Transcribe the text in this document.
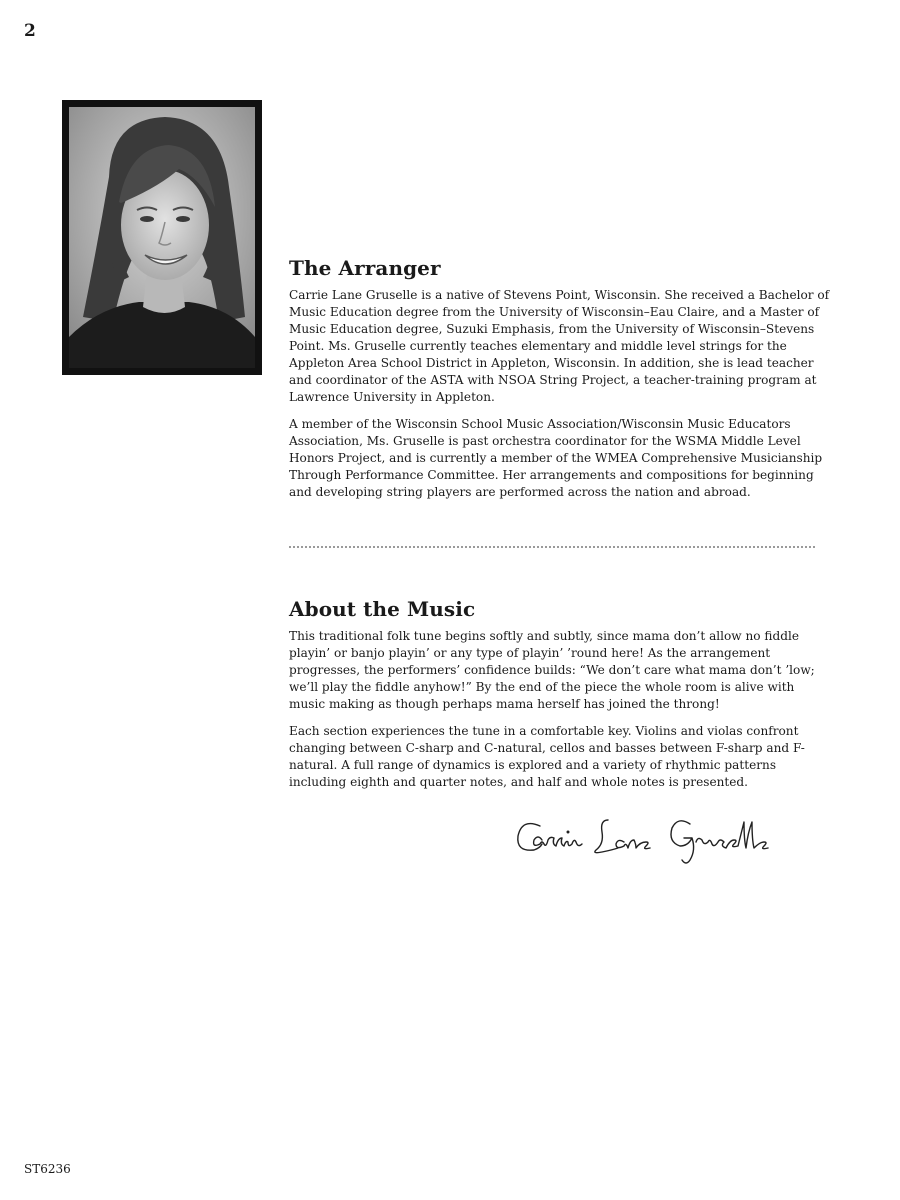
2
The Arranger

Carrie Lane Gruselle is a native of Stevens Point, Wisconsin. She received a Bachelor of Music Education degree from the University of Wisconsin–Eau Claire, and a Master of Music Education degree, Suzuki Emphasis, from the University of Wisconsin–Stevens Point. Ms. Gruselle currently teaches elementary and middle level strings for the Appleton Area School District in Appleton, Wisconsin. In addition, she is lead teacher and coordinator of the ASTA with NSOA String Project, a teacher-training program at Lawrence University in Appleton.

A member of the Wisconsin School Music Association/Wisconsin Music Educators Association, Ms. Gruselle is past orchestra coordinator for the WSMA Middle Level Honors Project, and is currently a member of the WMEA Comprehensive Musicianship Through Performance Committee. Her arrangements and compositions for beginning and developing string players are performed across the nation and abroad.

About the Music

This traditional folk tune begins softly and subtly, since mama don’t allow no fiddle playin’ or banjo playin’ or any type of playin’ ’round here! As the arrangement progresses, the performers’ confidence builds: “We don’t care what mama don’t ’low; we’ll play the fiddle anyhow!” By the end of the piece the whole room is alive with music making as though perhaps mama herself has joined the throng!

Each section experiences the tune in a comfortable key. Violins and violas confront changing between C-sharp and C-natural, cellos and basses between F-sharp and F-natural. A full range of dynamics is explored and a variety of rhythmic patterns including eighth and quarter notes, and half and whole notes is presented.

ST6236
